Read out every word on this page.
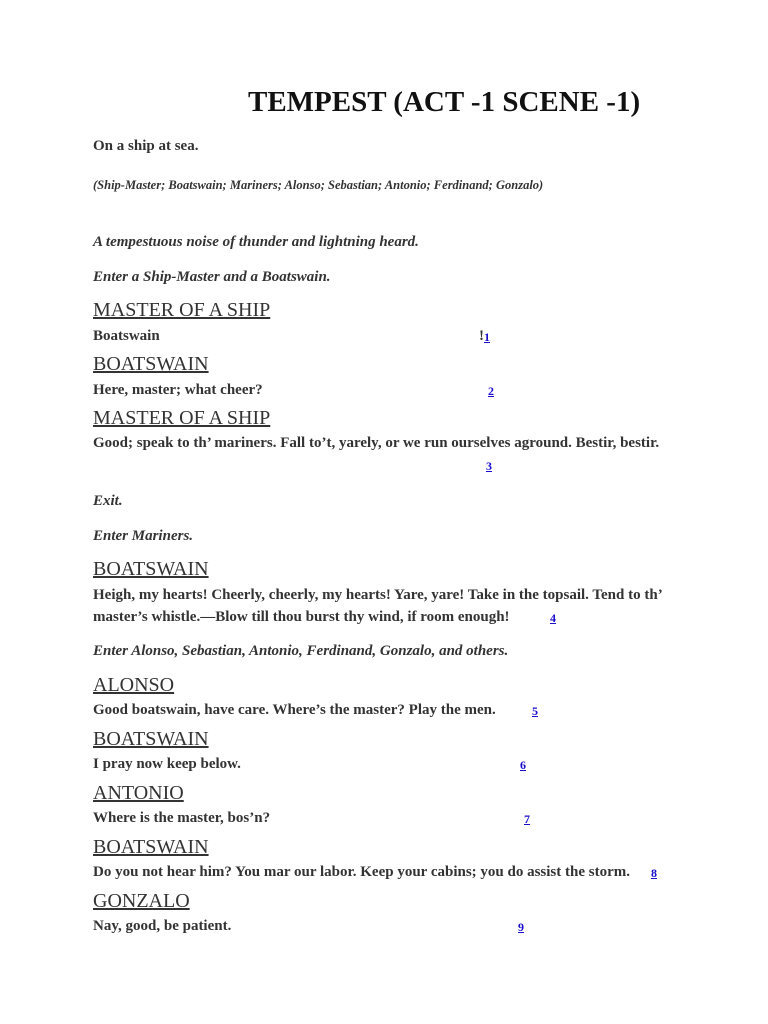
TEMPEST (ACT -1 SCENE -1)
On a ship at sea.
(Ship-Master; Boatswain; Mariners; Alonso; Sebastian; Antonio; Ferdinand; Gonzalo)
A tempestuous noise of thunder and lightning heard.
Enter a Ship-Master and a Boatswain.
MASTER OF A SHIP
Boatswain	! 1
BOATSWAIN
Here, master; what cheer?	2
MASTER OF A SHIP
Good; speak to th’ mariners. Fall to’t, yarely, or we run ourselves aground. Bestir, bestir.
3
Exit.
Enter Mariners.
BOATSWAIN
Heigh, my hearts! Cheerly, cheerly, my hearts! Yare, yare! Take in the topsail. Tend to th’ master’s whistle.—Blow till thou burst thy wind, if room enough!	4
Enter Alonso, Sebastian, Antonio, Ferdinand, Gonzalo, and others.
ALONSO
Good boatswain, have care. Where’s the master? Play the men.	5
BOATSWAIN
I pray now keep below.	6
ANTONIO
Where is the master, bos’n?	7
BOATSWAIN
Do you not hear him? You mar our labor. Keep your cabins; you do assist the storm.	8
GONZALO
Nay, good, be patient.	9
